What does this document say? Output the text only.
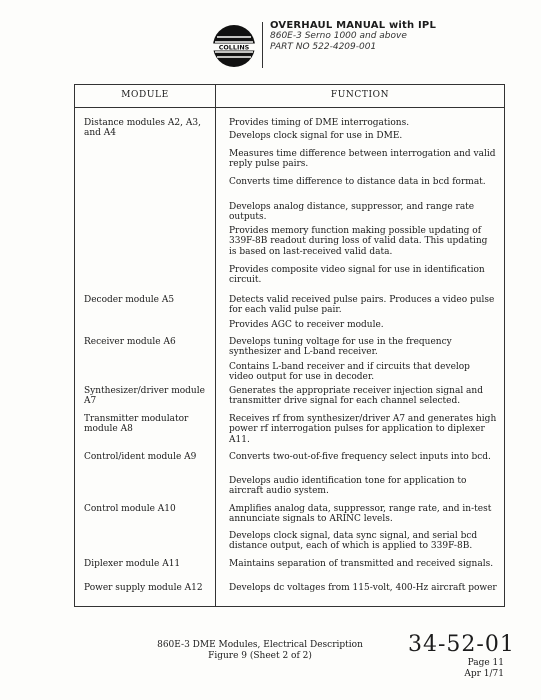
COLLINS
OVERHAUL MANUAL with IPL
860E-3 Serno 1000 and above
PART NO 522-4209-001
MODULE	FUNCTION
Distance modules A2, A3, and A4
Decoder module A5
Receiver module A6
Synthesizer/driver module A7
Transmitter modulator module A8
Control/ident module A9
Control module A10
Diplexer module A11
Power supply module A12
Provides timing of DME interrogations.
Develops clock signal for use in DME.
Measures time difference between interrogation and valid reply pulse pairs.
Converts time difference to distance data in bcd format.
Develops analog distance, suppressor, and range rate outputs.
Provides memory function making possible updating of 339F-8B readout during loss of valid data. This updating is based on last-received valid data.
Provides composite video signal for use in identification circuit.
Detects valid received pulse pairs. Produces a video pulse for each valid pulse pair.
Provides AGC to receiver module.
Develops tuning voltage for use in the frequency synthesizer and L-band receiver.
Contains L-band receiver and if circuits that develop video output for use in decoder.
Generates the appropriate receiver injection signal and transmitter drive signal for each channel selected.
Receives rf from synthesizer/driver A7 and generates high power rf interrogation pulses for application to diplexer A11.
Converts two-out-of-five frequency select inputs into bcd.
Develops audio identification tone for application to aircraft audio system.
Amplifies analog data, suppressor, range rate, and in-test annunciate signals to ARINC levels.
Develops clock signal, data sync signal, and serial bcd distance output, each of which is applied to 339F-8B.
Maintains separation of transmitted and received signals.
Develops dc voltages from 115-volt, 400-Hz aircraft power
860E-3 DME Modules, Electrical Description
Figure 9 (Sheet 2 of 2)	34-52-01
Page 11
Apr 1/71
